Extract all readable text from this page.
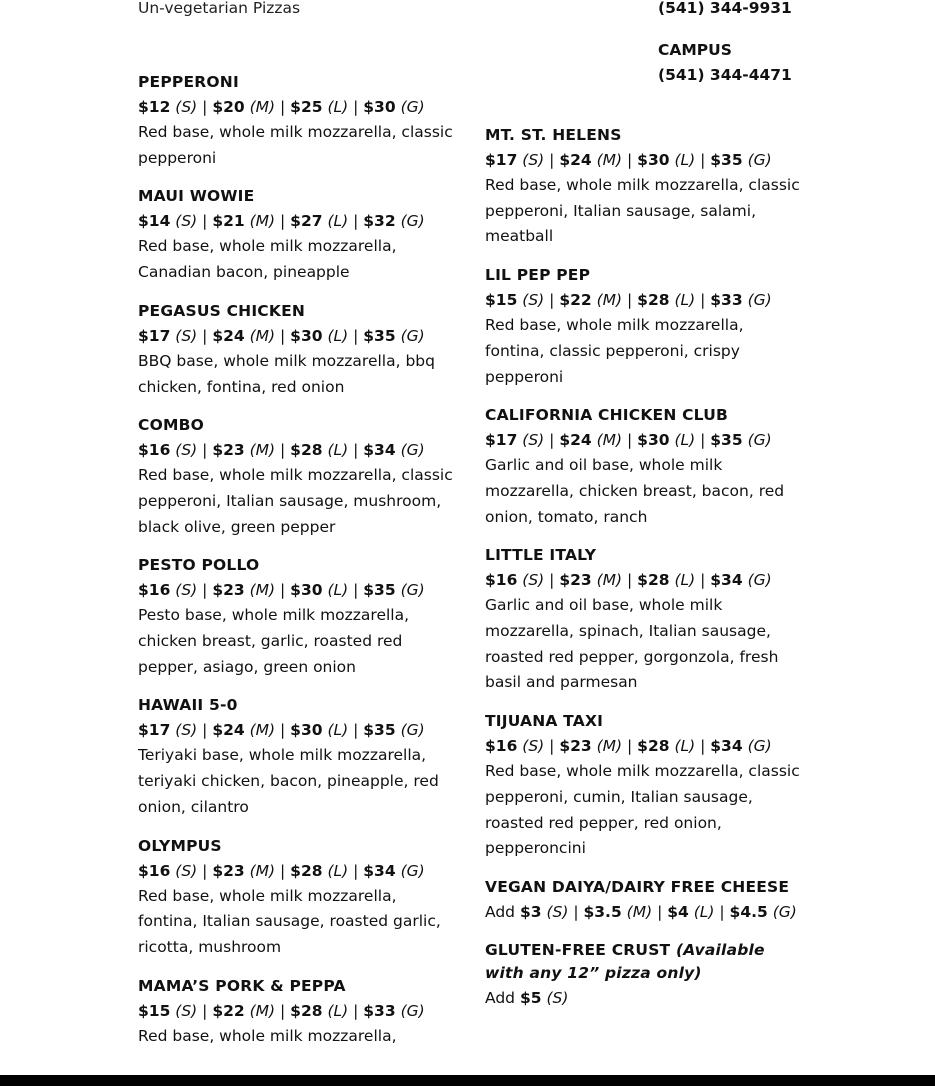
Un-vegetarian Pizzas	(541) 344-9931
CAMPUS
(541) 344-4471
PEPPERONI
$12 (S) | $20 (M) | $25 (L) | $30 (G)
Red base, whole milk mozzarella, classic pepperoni
MAUI WOWIE
$14 (S) | $21 (M) | $27 (L) | $32 (G)
Red base, whole milk mozzarella, Canadian bacon, pineapple
PEGASUS CHICKEN
$17 (S) | $24 (M) | $30 (L) | $35 (G)
BBQ base, whole milk mozzarella, bbq chicken, fontina, red onion
COMBO
$16 (S) | $23 (M) | $28 (L) | $34 (G)
Red base, whole milk mozzarella, classic pepperoni, Italian sausage, mushroom, black olive, green pepper
PESTO POLLO
$16 (S) | $23 (M) | $30 (L) | $35 (G)
Pesto base, whole milk mozzarella, chicken breast, garlic, roasted red pepper, asiago, green onion
HAWAII 5-0
$17 (S) | $24 (M) | $30 (L) | $35 (G)
Teriyaki base, whole milk mozzarella, teriyaki chicken, bacon, pineapple, red onion, cilantro
OLYMPUS
$16 (S) | $23 (M) | $28 (L) | $34 (G)
Red base, whole milk mozzarella, fontina, Italian sausage, roasted garlic, ricotta, mushroom
MAMA’S PORK & PEPPA
$15 (S) | $22 (M) | $28 (L) | $33 (G)
Red base, whole milk mozzarella,
MT. ST. HELENS
$17 (S) | $24 (M) | $30 (L) | $35 (G)
Red base, whole milk mozzarella, classic pepperoni, Italian sausage, salami, meatball
LIL PEP PEP
$15 (S) | $22 (M) | $28 (L) | $33 (G)
Red base, whole milk mozzarella, fontina, classic pepperoni, crispy pepperoni
CALIFORNIA CHICKEN CLUB
$17 (S) | $24 (M) | $30 (L) | $35 (G)
Garlic and oil base, whole milk mozzarella, chicken breast, bacon, red onion, tomato, ranch
LITTLE ITALY
$16 (S) | $23 (M) | $28 (L) | $34 (G)
Garlic and oil base, whole milk mozzarella, spinach, Italian sausage, roasted red pepper, gorgonzola, fresh basil and parmesan
TIJUANA TAXI
$16 (S) | $23 (M) | $28 (L) | $34 (G)
Red base, whole milk mozzarella, classic pepperoni, cumin, Italian sausage, roasted red pepper, red onion, pepperoncini
VEGAN DAIYA/DAIRY FREE CHEESE
Add $3 (S) | $3.5 (M) | $4 (L) | $4.5 (G)
GLUTEN-FREE CRUST (Available with any 12” pizza only)
Add $5 (S)
